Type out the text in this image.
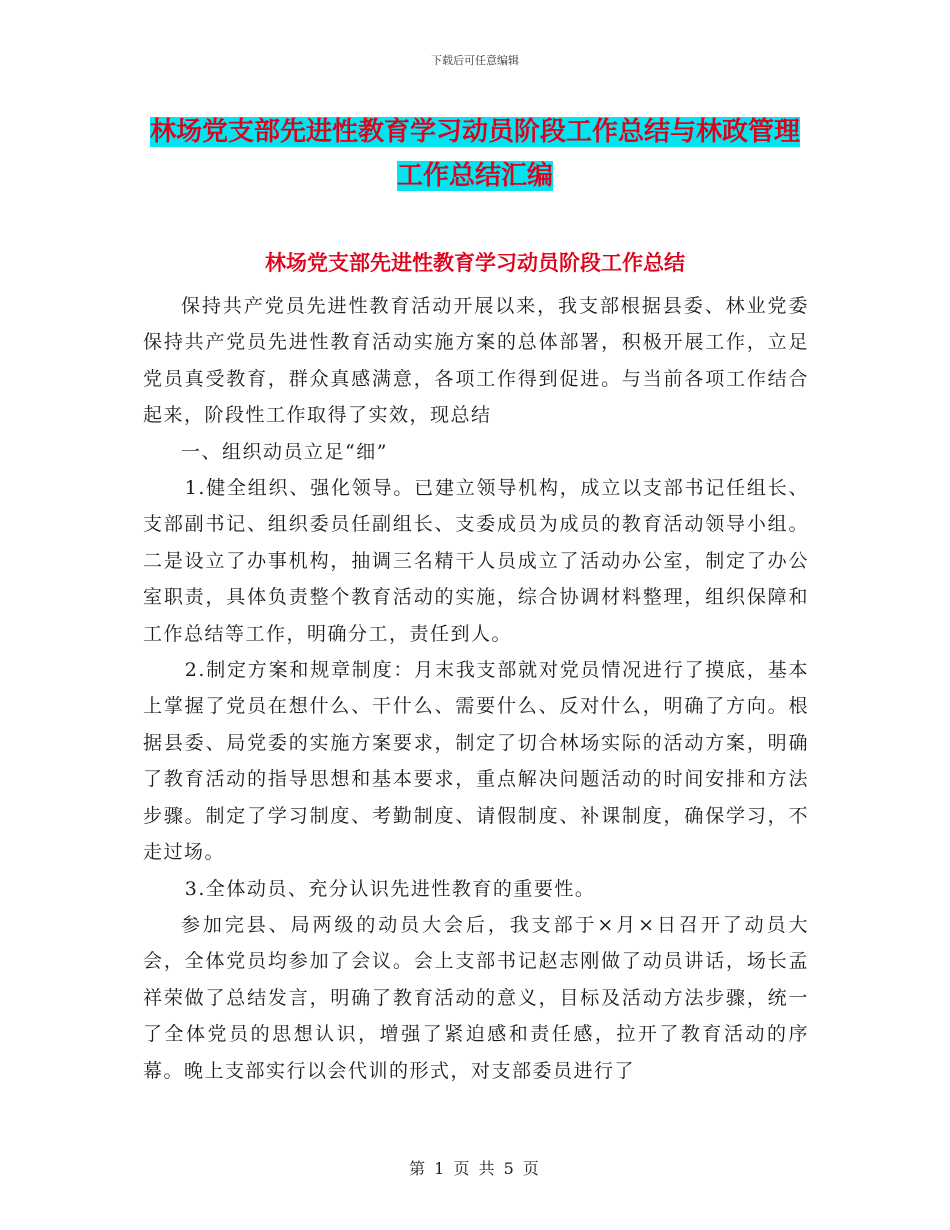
下载后可任意编辑
林场党支部先进性教育学习动员阶段工作总结与林政管理工作总结汇编
林场党支部先进性教育学习动员阶段工作总结

保持共产党员先进性教育活动开展以来，我支部根据县委、林业党委保持共产党员先进性教育活动实施方案的总体部署，积极开展工作，立足党员真受教育，群众真感满意，各项工作得到促进。与当前各项工作结合起来，阶段性工作取得了实效，现总结

一、组织动员立足“细”

1.健全组织、强化领导。已建立领导机构，成立以支部书记任组长、支部副书记、组织委员任副组长、支委成员为成员的教育活动领导小组。二是设立了办事机构，抽调三名精干人员成立了活动办公室，制定了办公室职责，具体负责整个教育活动的实施，综合协调材料整理，组织保障和工作总结等工作，明确分工，责任到人。

2.制定方案和规章制度：月末我支部就对党员情况进行了摸底，基本上掌握了党员在想什么、干什么、需要什么、反对什么，明确了方向。根据县委、局党委的实施方案要求，制定了切合林场实际的活动方案，明确了教育活动的指导思想和基本要求，重点解决问题活动的时间安排和方法步骤。制定了学习制度、考勤制度、请假制度、补课制度，确保学习，不走过场。

3.全体动员、充分认识先进性教育的重要性。

参加完县、局两级的动员大会后，我支部于×月×日召开了动员大会，全体党员均参加了会议。会上支部书记赵志刚做了动员讲话，场长孟祥荣做了总结发言，明确了教育活动的意义，目标及活动方法步骤，统一了全体党员的思想认识，增强了紧迫感和责任感，拉开了教育活动的序幕。晚上支部实行以会代训的形式，对支部委员进行了

第 1 页 共 5 页
